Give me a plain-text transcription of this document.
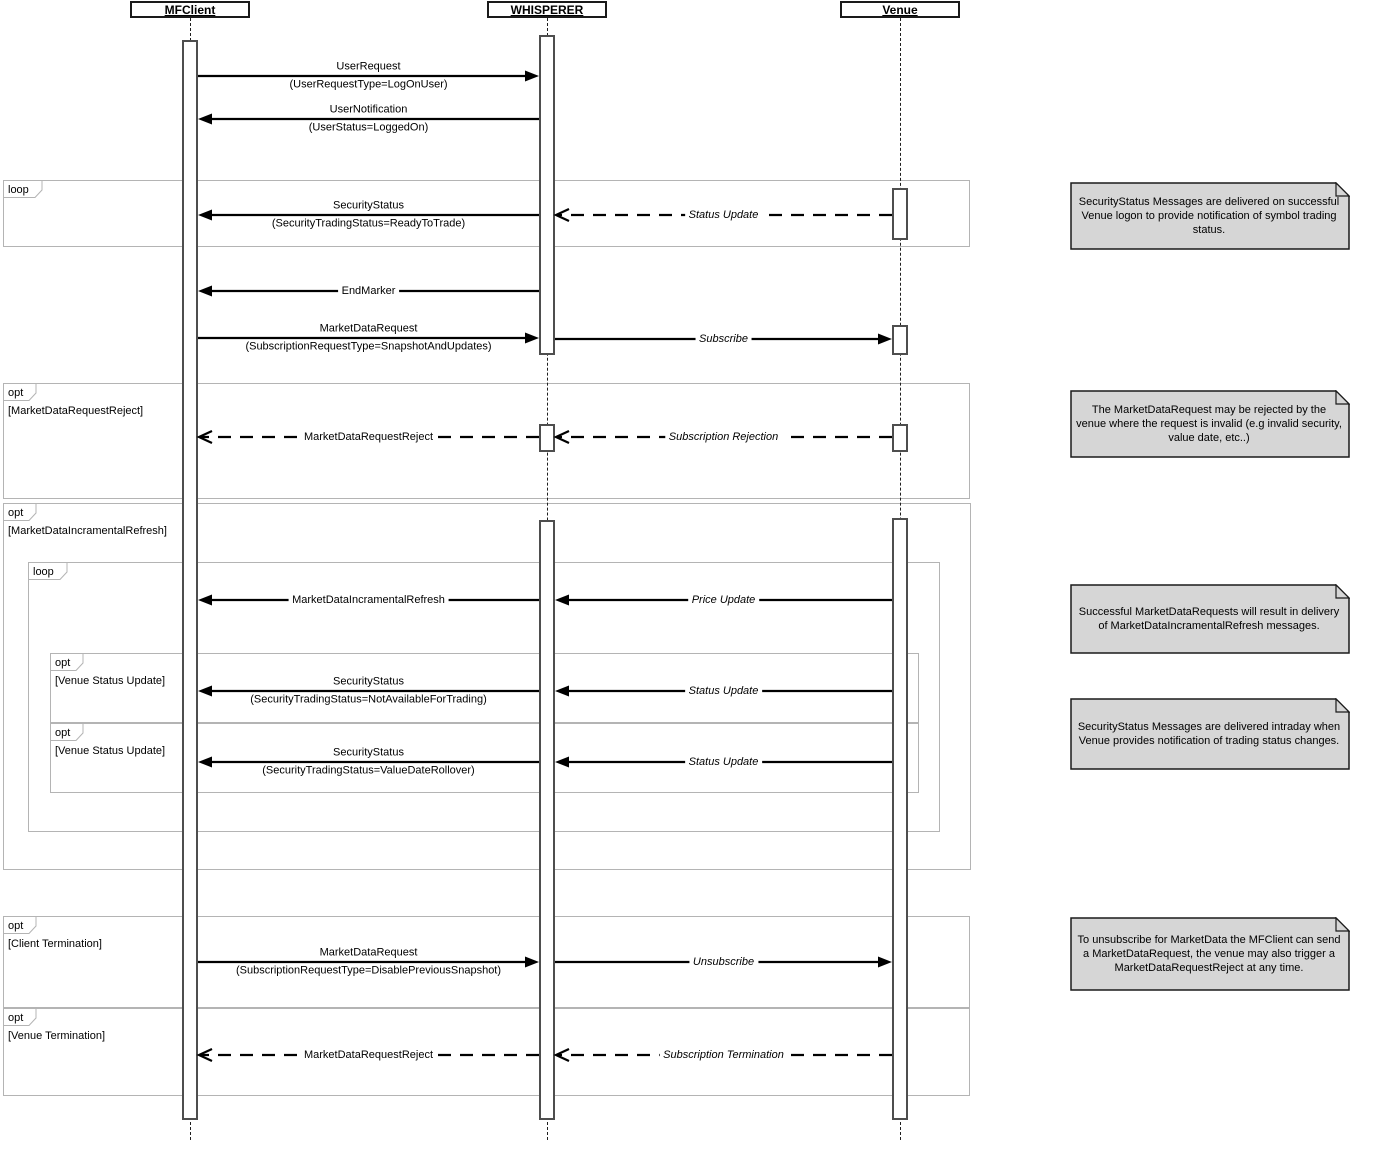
loop
opt
[MarketDataRequestReject]
opt
[MarketDataIncramentalRefresh]
loop
opt
[Venue Status Update]
opt
[Venue Status Update]
opt
[Client Termination]
opt
[Venue Termination]
UserRequest
(UserRequestType=LogOnUser)
UserNotification
(UserStatus=LoggedOn)
SecurityStatus
(SecurityTradingStatus=ReadyToTrade)
Status Update
EndMarker
MarketDataRequest
(SubscriptionRequestType=SnapshotAndUpdates)
Subscribe
MarketDataRequestReject	Subscription Rejection
MarketDataIncramentalRefresh	Price Update
SecurityStatus
(SecurityTradingStatus=NotAvailableForTrading)
Status Update
SecurityStatus
(SecurityTradingStatus=ValueDateRollover)
Status Update
MarketDataRequest
(SubscriptionRequestType=DisablePreviousSnapshot)
Unsubscribe
MarketDataRequestReject	Subscription Termination
SecurityStatus Messages are delivered on successful Venue logon to provide notification of symbol trading status.
The MarketDataRequest may be rejected by the venue where the request is invalid (e.g invalid security, value date, etc..)
Successful MarketDataRequests will result in delivery of MarketDataIncramentalRefresh messages.
SecurityStatus Messages are delivered intraday when Venue provides notification of trading status changes.
To unsubscribe for MarketData the MFClient can send a MarketDataRequest, the venue may also trigger a MarketDataRequestReject at any time.
MFClient	WHISPERER	Venue
